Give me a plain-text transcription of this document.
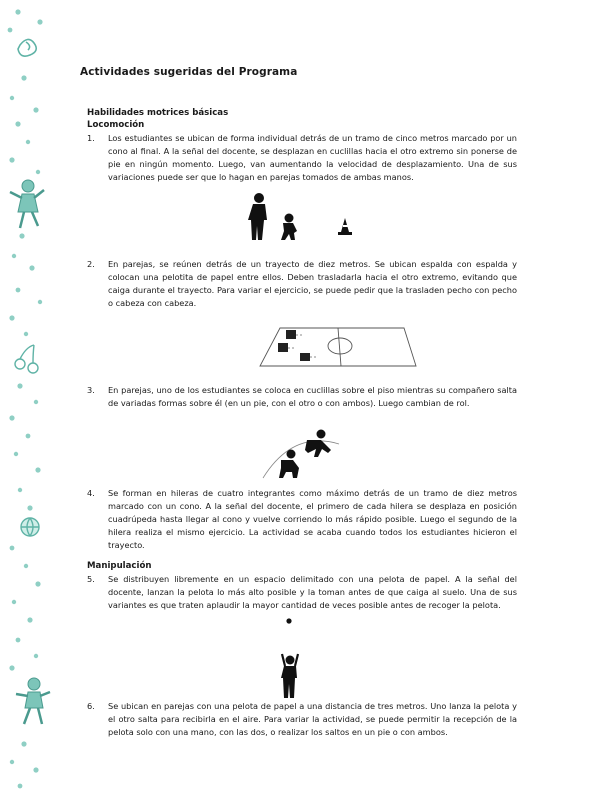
Actividades sugeridas del Programa
Habilidades motrices básicas
Locomoción
1.	Los estudiantes se ubican de forma individual detrás de un tramo de cinco metros marcado por un cono al final. A la señal del docente, se desplazan en cuclillas hacia el otro extremo sin ponerse de pie en ningún momento. Luego, van aumentando la velocidad de desplazamiento. Una de sus variaciones puede ser que lo hagan en parejas tomados de ambas manos.
2.	En parejas, se reúnen detrás de un trayecto de diez metros. Se ubican espalda con espalda y colocan una pelotita de papel entre ellos. Deben trasladarla hacia el otro extremo, evitando que caiga durante el trayecto. Para variar el ejercicio, se puede pedir que la trasladen pecho con pecho o cabeza con cabeza.
3.	En parejas, uno de los estudiantes se coloca en cuclillas sobre el piso mientras su compañero salta de variadas formas sobre él (en un pie, con el otro o con ambos). Luego cambian de rol.
4.	Se forman en hileras de cuatro integrantes como máximo detrás de un tramo de diez metros marcado con un cono. A la señal del docente, el primero de cada hilera se desplaza en posición cuadrúpeda hasta llegar al cono y vuelve corriendo lo más rápido posible. Luego el segundo de la hilera realiza el mismo ejercicio. La actividad se acaba cuando todos los estudiantes hicieron el trayecto.
Manipulación
5.	Se distribuyen libremente en un espacio delimitado con una pelota de papel. A la señal del docente, lanzan la pelota lo más alto posible y la toman antes de que caiga al suelo. Una de sus variantes es que traten aplaudir la mayor cantidad de veces posible antes de recoger la pelota.
6.	Se ubican en parejas con una pelota de papel a una distancia de tres metros. Uno lanza la pelota y el otro salta para recibirla en el aire. Para variar la actividad, se puede permitir la recepción de la pelota solo con una mano, con las dos, o realizar los saltos en un pie o con ambos.
